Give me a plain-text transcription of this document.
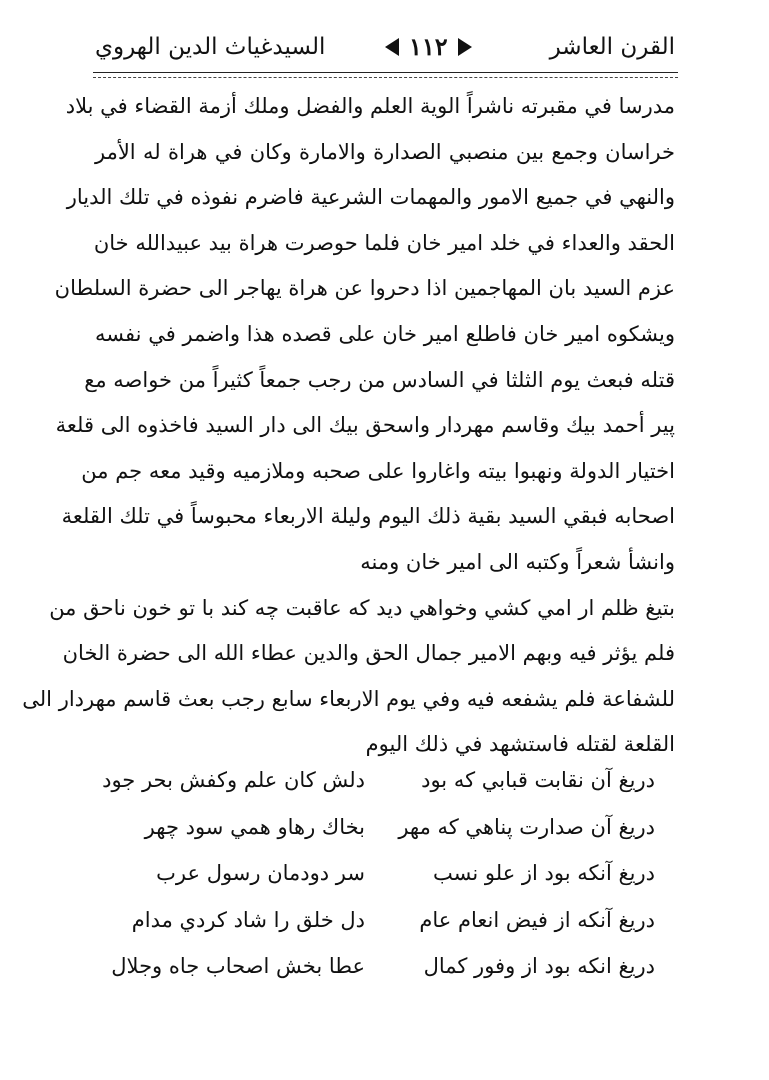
القرن العاشر
١١٢
السيدغياث الدين الهروي
مدرسا في مقبرته ناشراً الوية العلم والفضل وملك أزمة القضاء في بلاد
خراسان وجمع بين منصبي الصدارة والامارة وكان في هراة له الأمر
والنهي في جميع الامور والمهمات الشرعية فاضرم نفوذه في تلك الديار
الحقد والعداء في خلد امير خان فلما حوصرت هراة بيد عبيدالله خان
عزم السيد بان المهاجمين اذا دحروا عن هراة يهاجر الى حضرة السلطان
ويشكوه امير خان فاطلع امير خان على قصده هذا واضمر في نفسه
قتله فبعث يوم الثلثا في السادس من رجب جمعاً كثيراً من خواصه مع
پير أحمد بيك وقاسم مهردار واسحق بيك الى دار السيد فاخذوه الى قلعة
اختيار الدولة ونهبوا بيته واغاروا على صحبه وملازميه وقيد معه جم من
اصحابه فبقي السيد بقية ذلك اليوم وليلة الاربعاء محبوساً في تلك القلعة
وانشأ شعراً وكتبه الى امير خان ومنه
بتيغ ظلم ار امي كشي وخواهي ديد كه عاقبت چه كند با تو خون ناحق من
فلم يؤثر فيه وبهم الامير جمال الحق والدين عطاء الله الى حضرة الخان
للشفاعة فلم يشفعه فيه وفي يوم الاربعاء سابع رجب بعث قاسم مهردار الى
القلعة لقتله فاستشهد في ذلك اليوم
دريغ آن نقابت قبابي كه بود
دلش كان علم وكفش بحر جود
دريغ آن صدارت پناهي كه مهر
بخاك رهاو همي سود چهر
دريغ آنكه بود از علو نسب
سر دودمان رسول عرب
دريغ آنكه از فيض انعام عام
دل خلق را شاد كردي مدام
دريغ انكه بود از وفور كمال
عطا بخش اصحاب جاه وجلال
